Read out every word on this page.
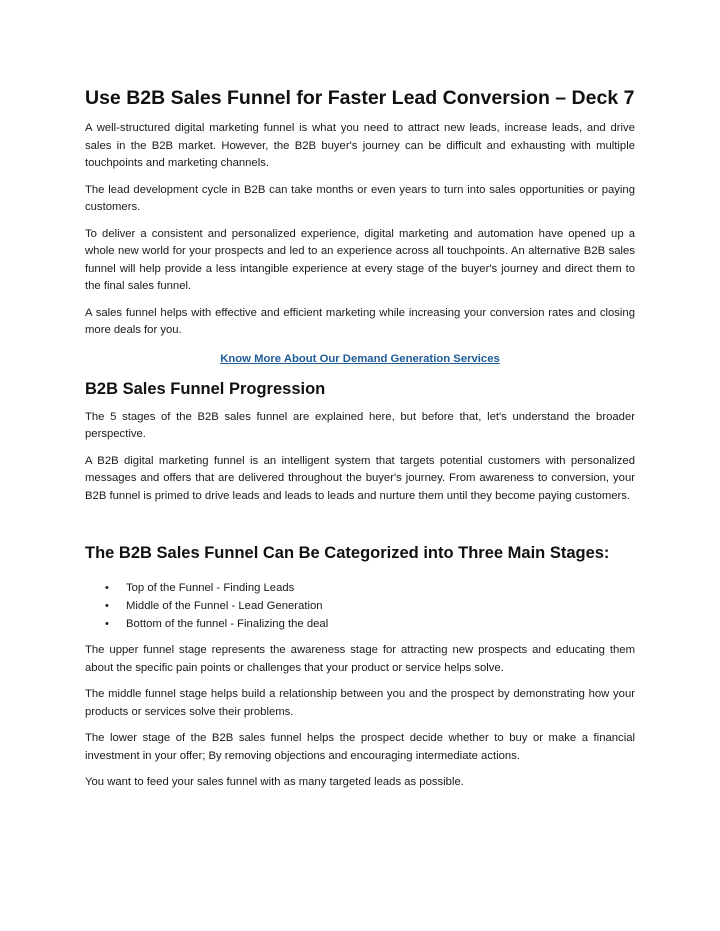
Use B2B Sales Funnel for Faster Lead Conversion – Deck 7

A well-structured digital marketing funnel is what you need to attract new leads, increase leads, and drive sales in the B2B market. However, the B2B buyer's journey can be difficult and exhausting with multiple touchpoints and marketing channels.

The lead development cycle in B2B can take months or even years to turn into sales opportunities or paying customers.

To deliver a consistent and personalized experience, digital marketing and automation have opened up a whole new world for your prospects and led to an experience across all touchpoints. An alternative B2B sales funnel will help provide a less intangible experience at every stage of the buyer's journey and direct them to the final sales funnel.

A sales funnel helps with effective and efficient marketing while increasing your conversion rates and closing more deals for you.

Know More About Our Demand Generation Services
B2B Sales Funnel Progression

The 5 stages of the B2B sales funnel are explained here, but before that, let's understand the broader perspective.

A B2B digital marketing funnel is an intelligent system that targets potential customers with personalized messages and offers that are delivered throughout the buyer's journey. From awareness to conversion, your B2B funnel is primed to drive leads and leads to leads and nurture them until they become paying customers.

The B2B Sales Funnel Can Be Categorized into Three Main Stages:
• Top of the Funnel - Finding Leads
• Middle of the Funnel - Lead Generation
• Bottom of the funnel - Finalizing the deal

The upper funnel stage represents the awareness stage for attracting new prospects and educating them about the specific pain points or challenges that your product or service helps solve.

The middle funnel stage helps build a relationship between you and the prospect by demonstrating how your products or services solve their problems.

The lower stage of the B2B sales funnel helps the prospect decide whether to buy or make a financial investment in your offer; By removing objections and encouraging intermediate actions.

You want to feed your sales funnel with as many targeted leads as possible.
